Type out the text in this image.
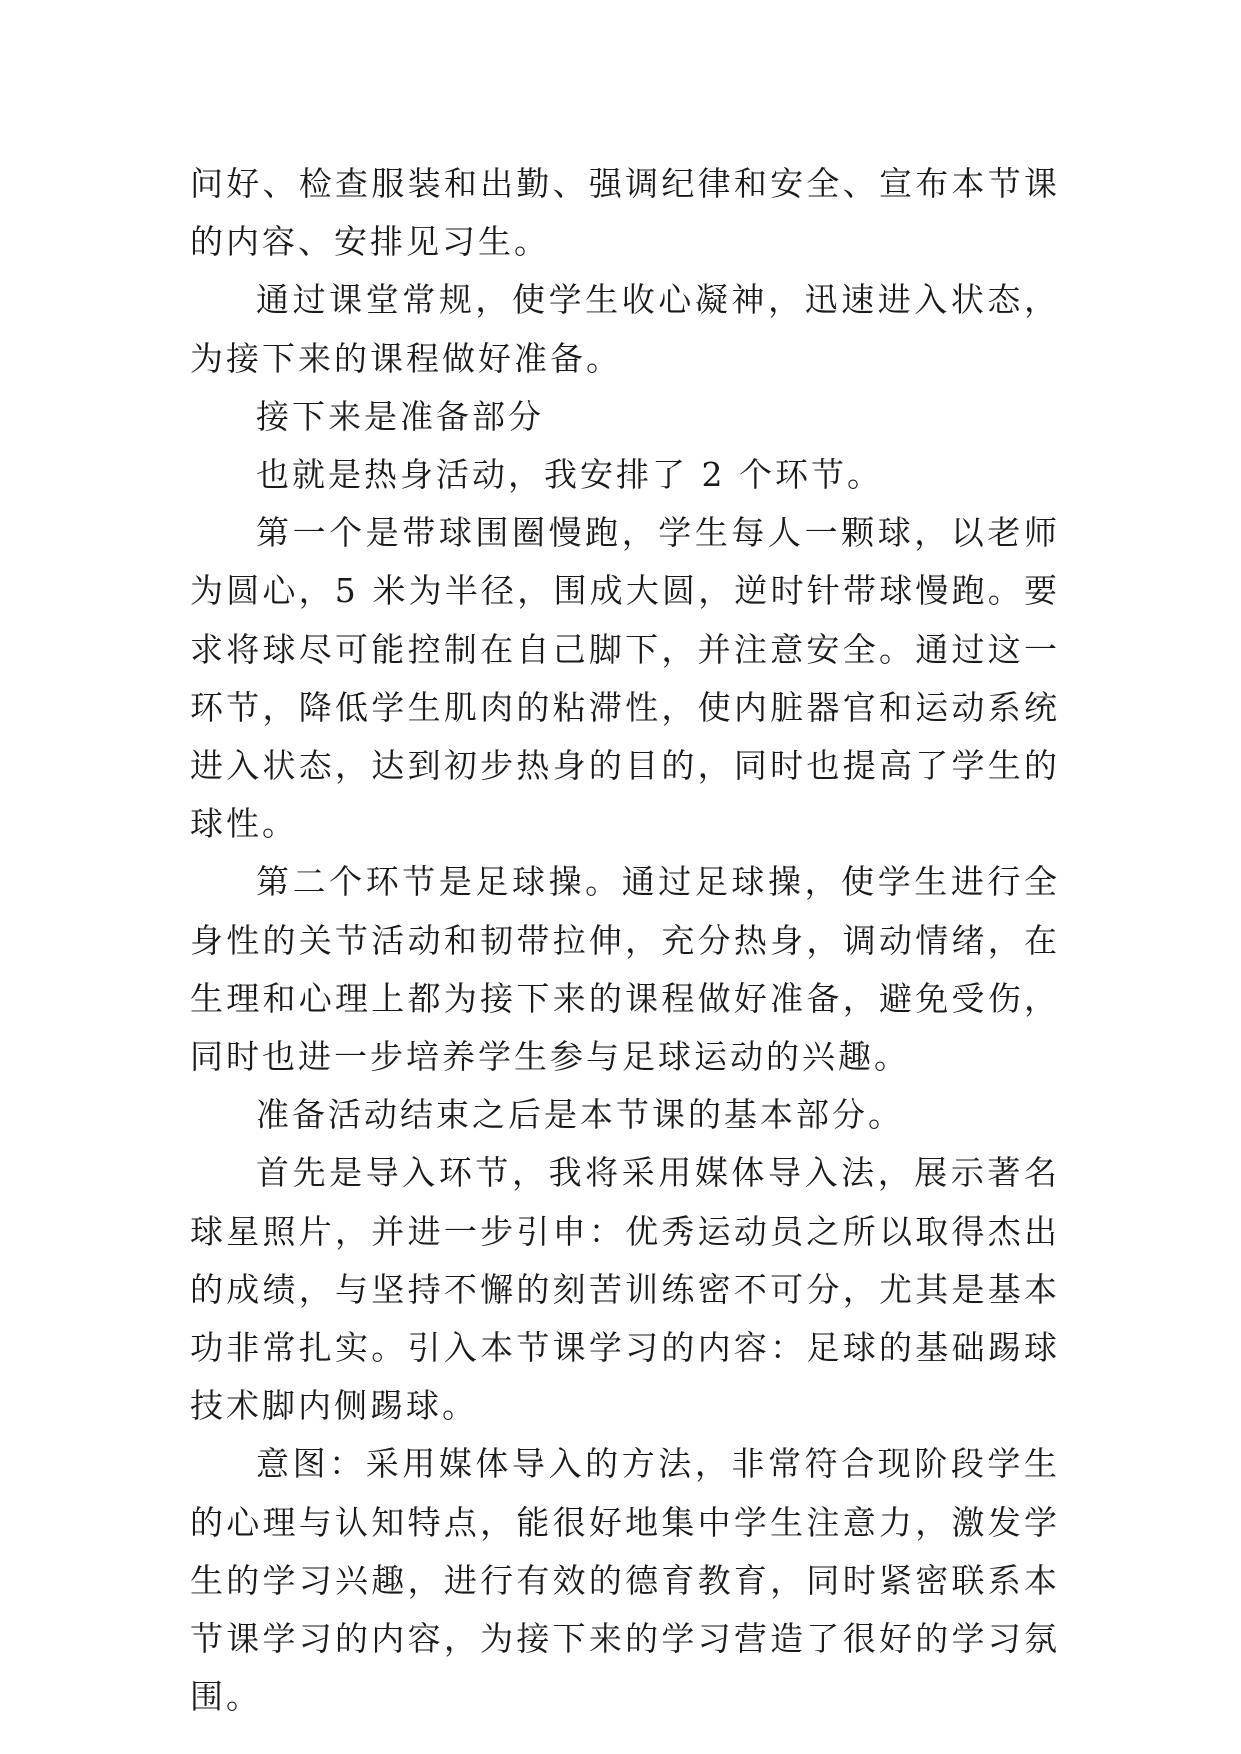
问好、检查服装和出勤、强调纪律和安全、宣布本节课的内容、安排见习生。

通过课堂常规，使学生收心凝神，迅速进入状态，为接下来的课程做好准备。

接下来是准备部分

也就是热身活动，我安排了 2 个环节。

第一个是带球围圈慢跑，学生每人一颗球，以老师为圆心，5 米为半径，围成大圆，逆时针带球慢跑。要求将球尽可能控制在自己脚下，并注意安全。通过这一环节，降低学生肌肉的粘滞性，使内脏器官和运动系统进入状态，达到初步热身的目的，同时也提高了学生的球性。

第二个环节是足球操。通过足球操，使学生进行全身性的关节活动和韧带拉伸，充分热身，调动情绪，在生理和心理上都为接下来的课程做好准备，避免受伤，同时也进一步培养学生参与足球运动的兴趣。

准备活动结束之后是本节课的基本部分。

首先是导入环节，我将采用媒体导入法，展示著名球星照片，并进一步引申：优秀运动员之所以取得杰出的成绩，与坚持不懈的刻苦训练密不可分，尤其是基本功非常扎实。引入本节课学习的内容：足球的基础踢球技术脚内侧踢球。

意图：采用媒体导入的方法，非常符合现阶段学生的心理与认知特点，能很好地集中学生注意力，激发学生的学习兴趣，进行有效的德育教育，同时紧密联系本节课学习的内容，为接下来的学习营造了很好的学习氛围。
